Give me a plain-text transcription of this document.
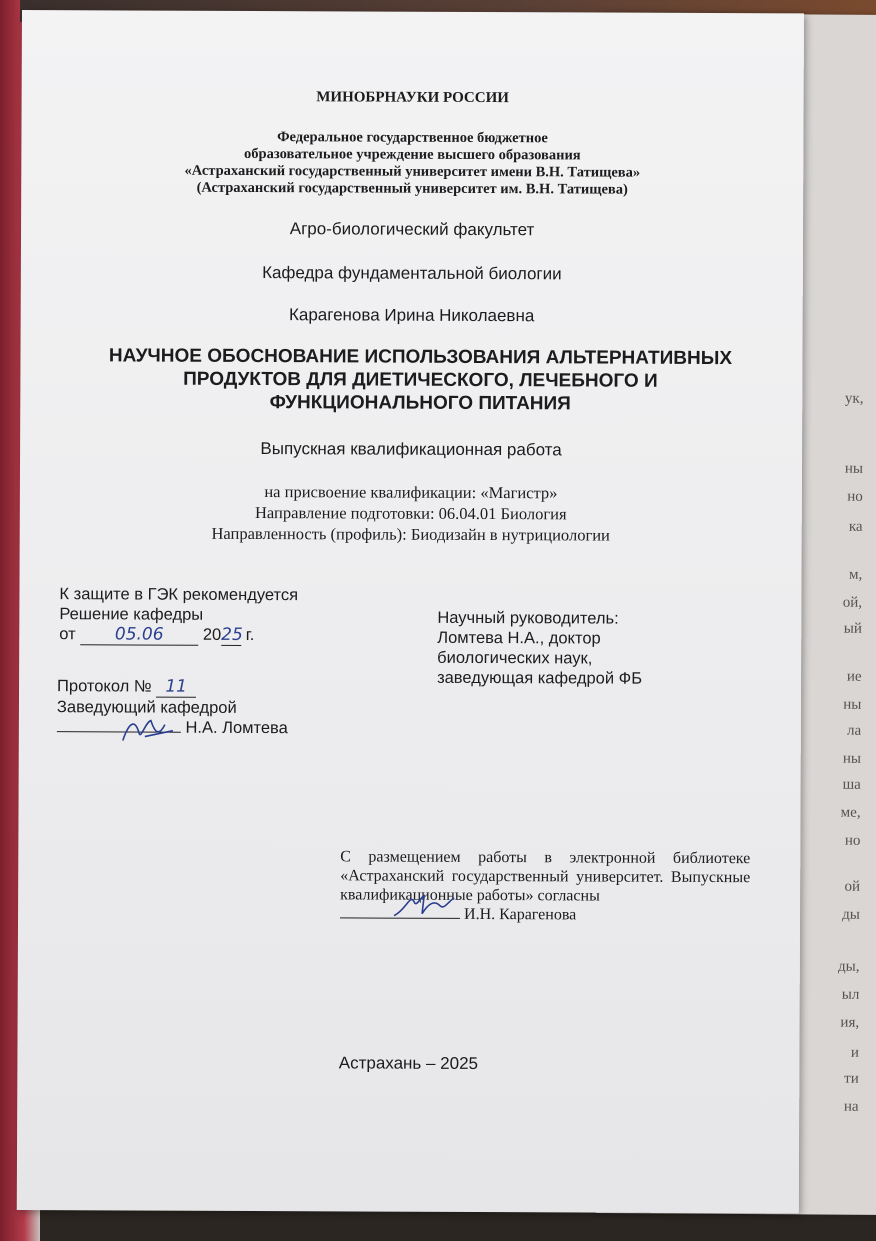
ук,
ны
но
ка
м,
ой,
ый
ие
ны
ла
ны
ша
ме,
но
ой
ды
ды,
ыл
ия,
и
ти
на
МИНОБРНАУКИ РОССИИ
Федеральное государственное бюджетное
образовательное учреждение высшего образования
«Астраханский государственный университет имени В.Н. Татищева»
(Астраханский государственный университет им. В.Н. Татищева)
Агро-биологический факультет
Кафедра фундаментальной биологии
Карагенова Ирина Николаевна
НАУЧНОЕ ОБОСНОВАНИЕ ИСПОЛЬЗОВАНИЯ АЛЬТЕРНАТИВНЫХ
ПРОДУКТОВ ДЛЯ ДИЕТИЧЕСКОГО, ЛЕЧЕБНОГО И
ФУНКЦИОНАЛЬНОГО ПИТАНИЯ
Выпускная квалификационная работа
на присвоение квалификации: «Магистр»
Направление подготовки: 06.04.01 Биология
Направленность (профиль): Биодизайн в нутрициологии
К защите в ГЭК рекомендуется
Решение кафедры
от 05.06 2025 г.
Протокол № 11
Заведующий кафедрой
Н.А. Ломтева
Научный руководитель:
Ломтева Н.А., доктор
биологических наук,
заведующая кафедрой ФБ
С размещением работы в электронной библиотеке «Астраханский государственный университет. Выпускные квалификационные работы» согласны
И.Н. Карагенова
Астрахань – 2025
